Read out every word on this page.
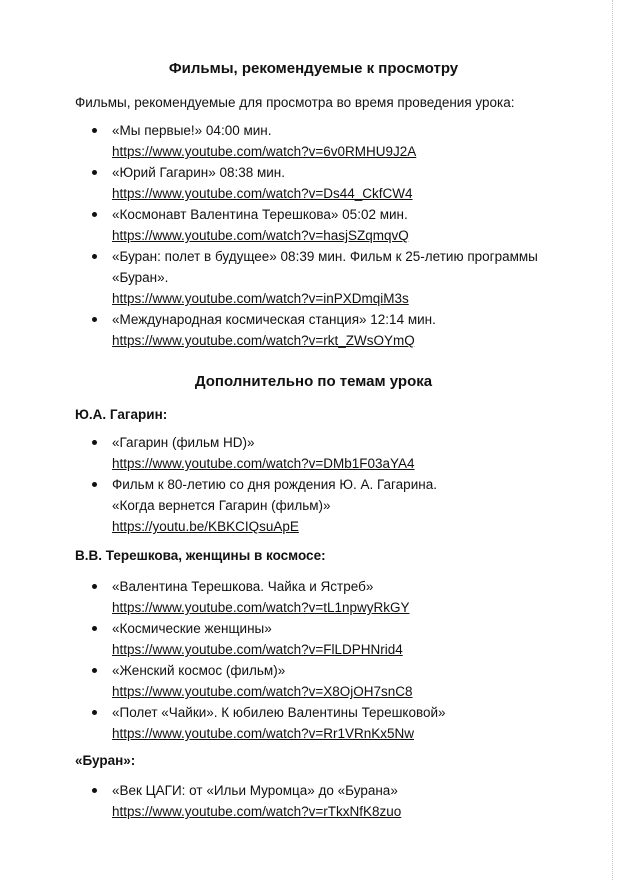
Фильмы, рекомендуемые к просмотру

Фильмы, рекомендуемые для просмотра во время проведения урока:

«Мы первые!» 04:00 мин.
https://www.youtube.com/watch?v=6v0RMHU9J2A
«Юрий Гагарин» 08:38 мин.
https://www.youtube.com/watch?v=Ds44_CkfCW4
«Космонавт Валентина Терешкова» 05:02 мин.
https://www.youtube.com/watch?v=hasjSZqmqvQ
«Буран: полет в будущее» 08:39 мин. Фильм к 25-летию программы
«Буран».
https://www.youtube.com/watch?v=inPXDmqiM3s
«Международная космическая станция» 12:14 мин.
https://www.youtube.com/watch?v=rkt_ZWsOYmQ
Дополнительно по темам урока

Ю.А. Гагарин:

«Гагарин (фильм HD)»
https://www.youtube.com/watch?v=DMb1F03aYA4
Фильм к 80-летию со дня рождения Ю. А. Гагарина.
«Когда вернется Гагарин (фильм)»
https://youtu.be/KBKCIQsuApE

В.В. Терешкова, женщины в космосе:

«Валентина Терешкова. Чайка и Ястреб»
https://www.youtube.com/watch?v=tL1npwyRkGY
«Космические женщины»
https://www.youtube.com/watch?v=FlLDPHNrid4
«Женский космос (фильм)»
https://www.youtube.com/watch?v=X8OjOH7snC8
«Полет «Чайки». К юбилею Валентины Терешковой»
https://www.youtube.com/watch?v=Rr1VRnKx5Nw

«Буран»:

«Век ЦАГИ: от «Ильи Муромца» до «Бурана»
https://www.youtube.com/watch?v=rTkxNfK8zuo
